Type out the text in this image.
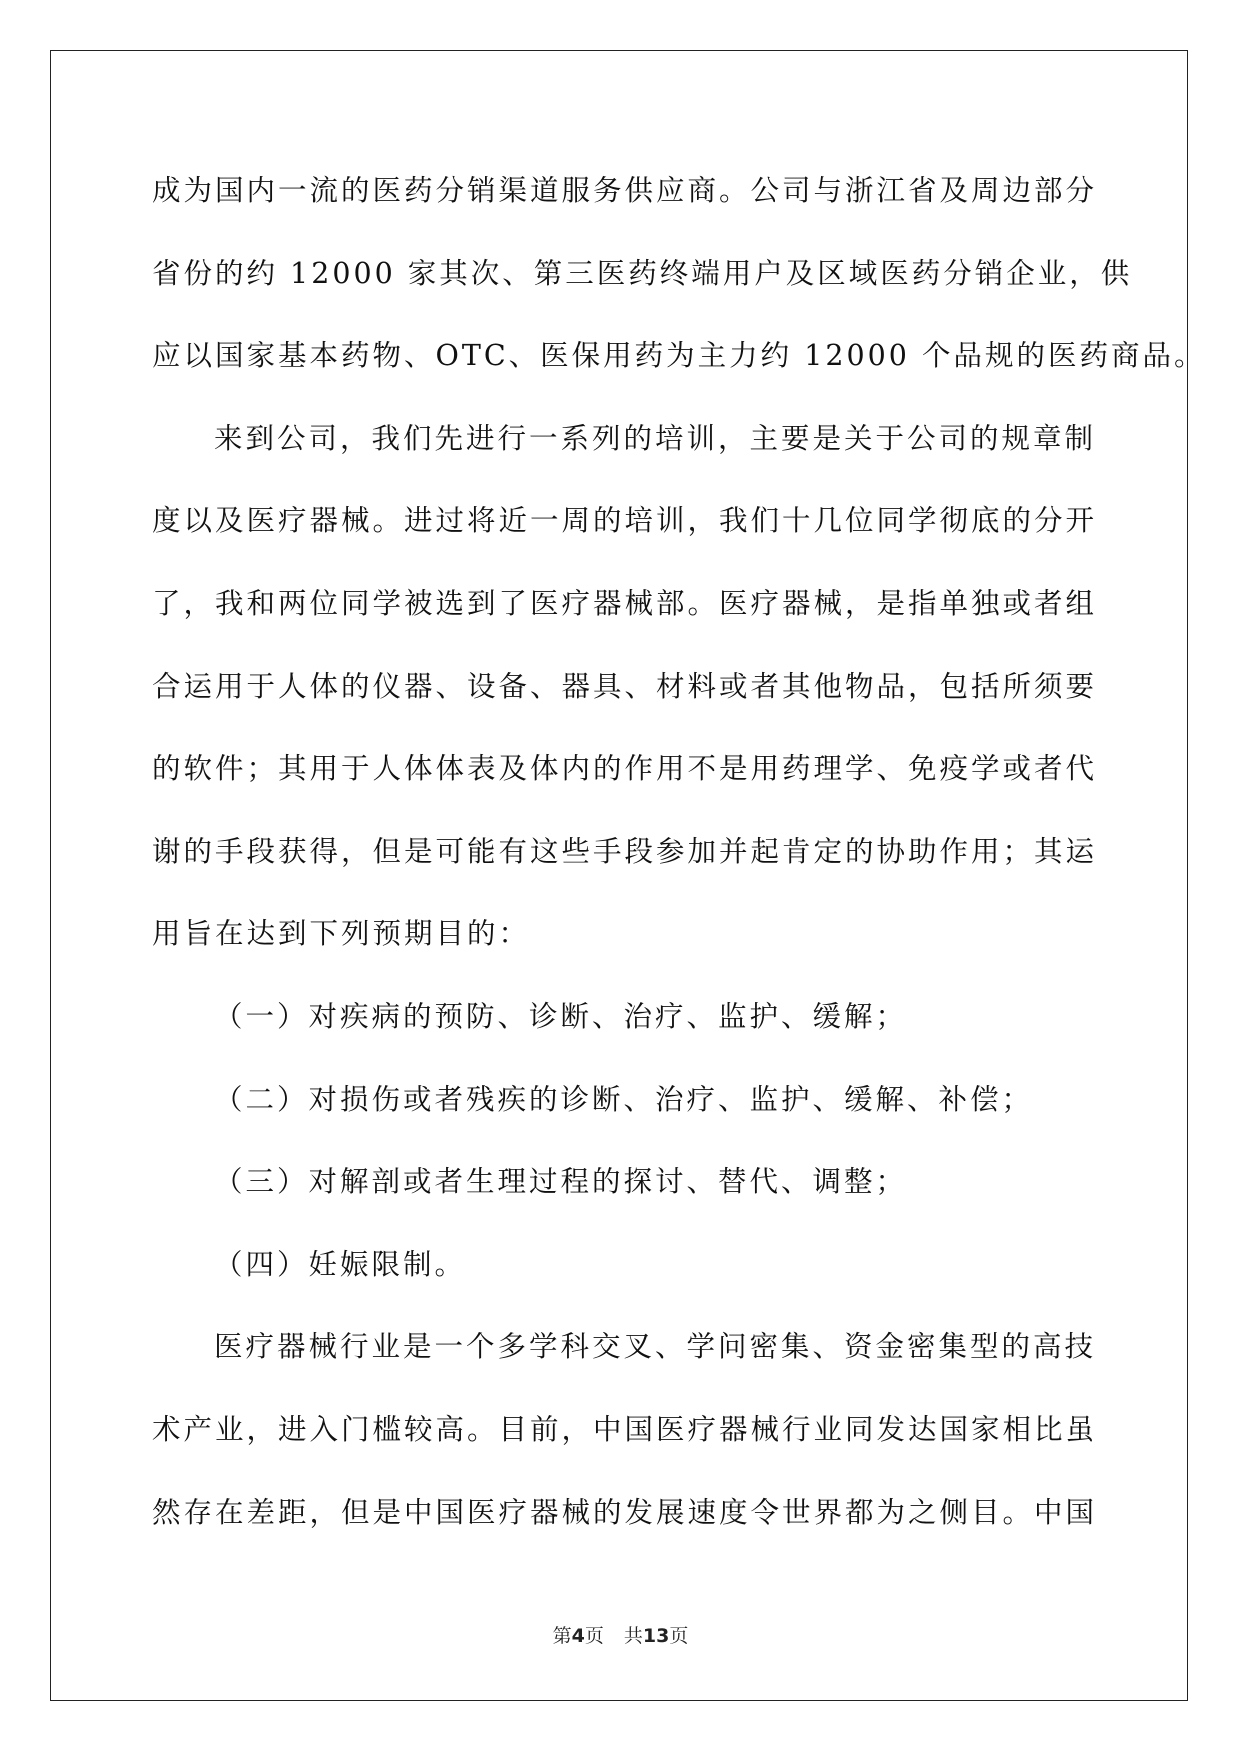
成为国内一流的医药分销渠道服务供应商。公司与浙江省及周边部分
省份的约 12000 家其次、第三医药终端用户及区域医药分销企业，供
应以国家基本药物、OTC、医保用药为主力约 12000 个品规的医药商品。
来到公司，我们先进行一系列的培训，主要是关于公司的规章制
度以及医疗器械。进过将近一周的培训，我们十几位同学彻底的分开
了，我和两位同学被选到了医疗器械部。医疗器械，是指单独或者组
合运用于人体的仪器、设备、器具、材料或者其他物品，包括所须要
的软件；其用于人体体表及体内的作用不是用药理学、免疫学或者代
谢的手段获得，但是可能有这些手段参加并起肯定的协助作用；其运
用旨在达到下列预期目的：
（一）对疾病的预防、诊断、治疗、监护、缓解；
（二）对损伤或者残疾的诊断、治疗、监护、缓解、补偿；
（三）对解剖或者生理过程的探讨、替代、调整；
（四）妊娠限制。
医疗器械行业是一个多学科交叉、学问密集、资金密集型的高技
术产业，进入门槛较高。目前，中国医疗器械行业同发达国家相比虽
然存在差距，但是中国医疗器械的发展速度令世界都为之侧目。中国
第4页 共13页
